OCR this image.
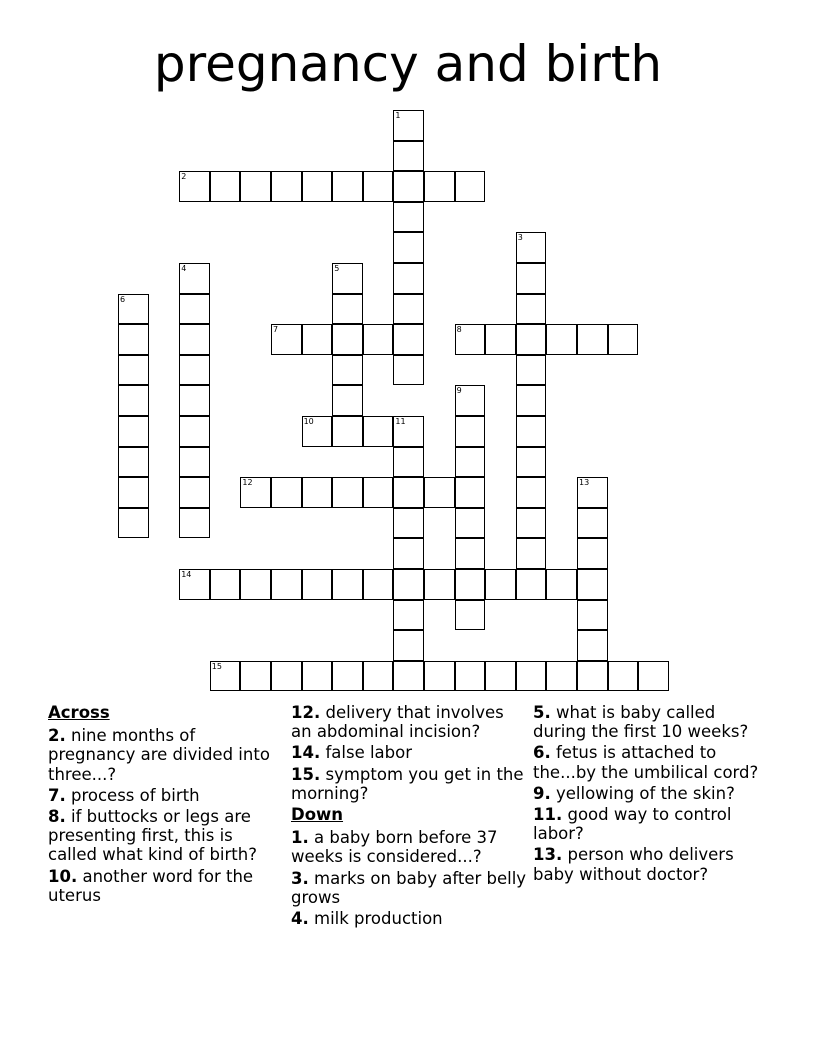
pregnancy and birth
1
2
3
4	5
6
7	8
9
10	11
12	13
14
15
Across
2. nine months of pregnancy are divided into three...?
7. process of birth
8. if buttocks or legs are presenting first, this is called what kind of birth?
10. another word for the uterus
12. delivery that involves an abdominal incision?
14. false labor
15. symptom you get in the morning?
Down
1. a baby born before 37 weeks is considered...?
3. marks on baby after belly grows
4. milk production
5. what is baby called during the first 10 weeks?
6. fetus is attached to the...by the umbilical cord?
9. yellowing of the skin?
11. good way to control labor?
13. person who delivers baby without doctor?
